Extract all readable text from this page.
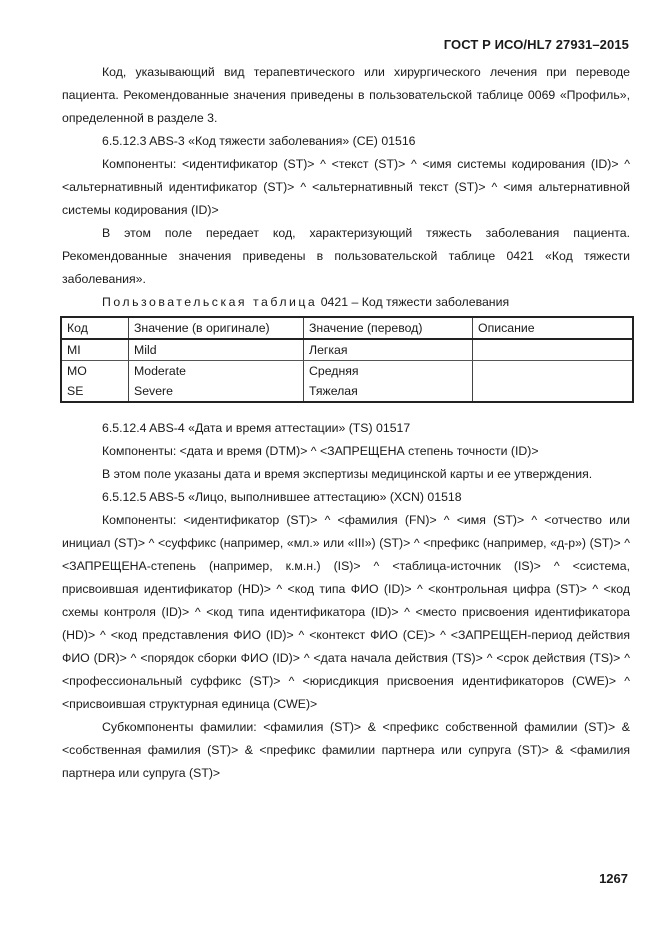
ГОСТ Р ИСО/HL7 27931–2015

Код, указывающий вид терапевтического или хирургического лечения при переводе пациента. Рекомендованные значения приведены в пользовательской таблице 0069 «Профиль», определенной в разделе 3.

6.5.12.3 ABS-3 «Код тяжести заболевания» (CE) 01516

Компоненты: <идентификатор (ST)> ^ <текст (ST)> ^ <имя системы кодирования (ID)> ^ <альтернативный идентификатор (ST)> ^ <альтернативный текст (ST)> ^ <имя альтернативной системы кодирования (ID)>

В этом поле передает код, характеризующий тяжесть заболевания пациента. Рекомендованные значения приведены в пользовательской таблице 0421 «Код тяжести заболевания».

Пользовательская таблица 0421 – Код тяжести заболевания
Код	Значение (в оригинале)	Значение (перевод)	Описание
MI	Mild	Легкая	
MO	Moderate	Средняя	
SE	Severe	Тяжелая	

6.5.12.4 ABS-4 «Дата и время аттестации» (TS) 01517

Компоненты: <дата и время (DTM)> ^ <ЗАПРЕЩЕНА степень точности (ID)>

В этом поле указаны дата и время экспертизы медицинской карты и ее утверждения.

6.5.12.5 ABS-5 «Лицо, выполнившее аттестацию» (XCN) 01518

Компоненты: <идентификатор (ST)> ^ <фамилия (FN)> ^ <имя (ST)> ^ <отчество или инициал (ST)> ^ <суффикс (например, «мл.» или «III») (ST)> ^ <префикс (например, «д-р») (ST)> ^ <ЗАПРЕЩЕНА-степень (например, к.м.н.) (IS)> ^ <таблица-источник (IS)> ^ <система, присвоившая идентификатор (HD)> ^ <код типа ФИО (ID)> ^ <контрольная цифра (ST)> ^ <код схемы контроля (ID)> ^ <код типа идентификатора (ID)> ^ <место присвоения идентификатора (HD)> ^ <код представления ФИО (ID)> ^ <контекст ФИО (CE)> ^ <ЗАПРЕЩЕН-период действия ФИО (DR)> ^ <порядок сборки ФИО (ID)> ^ <дата начала действия (TS)> ^ <срок действия (TS)> ^ <профессиональный суффикс (ST)> ^ <юрисдикция присвоения идентификаторов (CWE)> ^ <присвоившая структурная единица (CWE)>

Субкомпоненты фамилии: <фамилия (ST)> & <префикс собственной фамилии (ST)> & <собственная фамилия (ST)> & <префикс фамилии партнера или супруга (ST)> & <фамилия партнера или супруга (ST)>

1267
